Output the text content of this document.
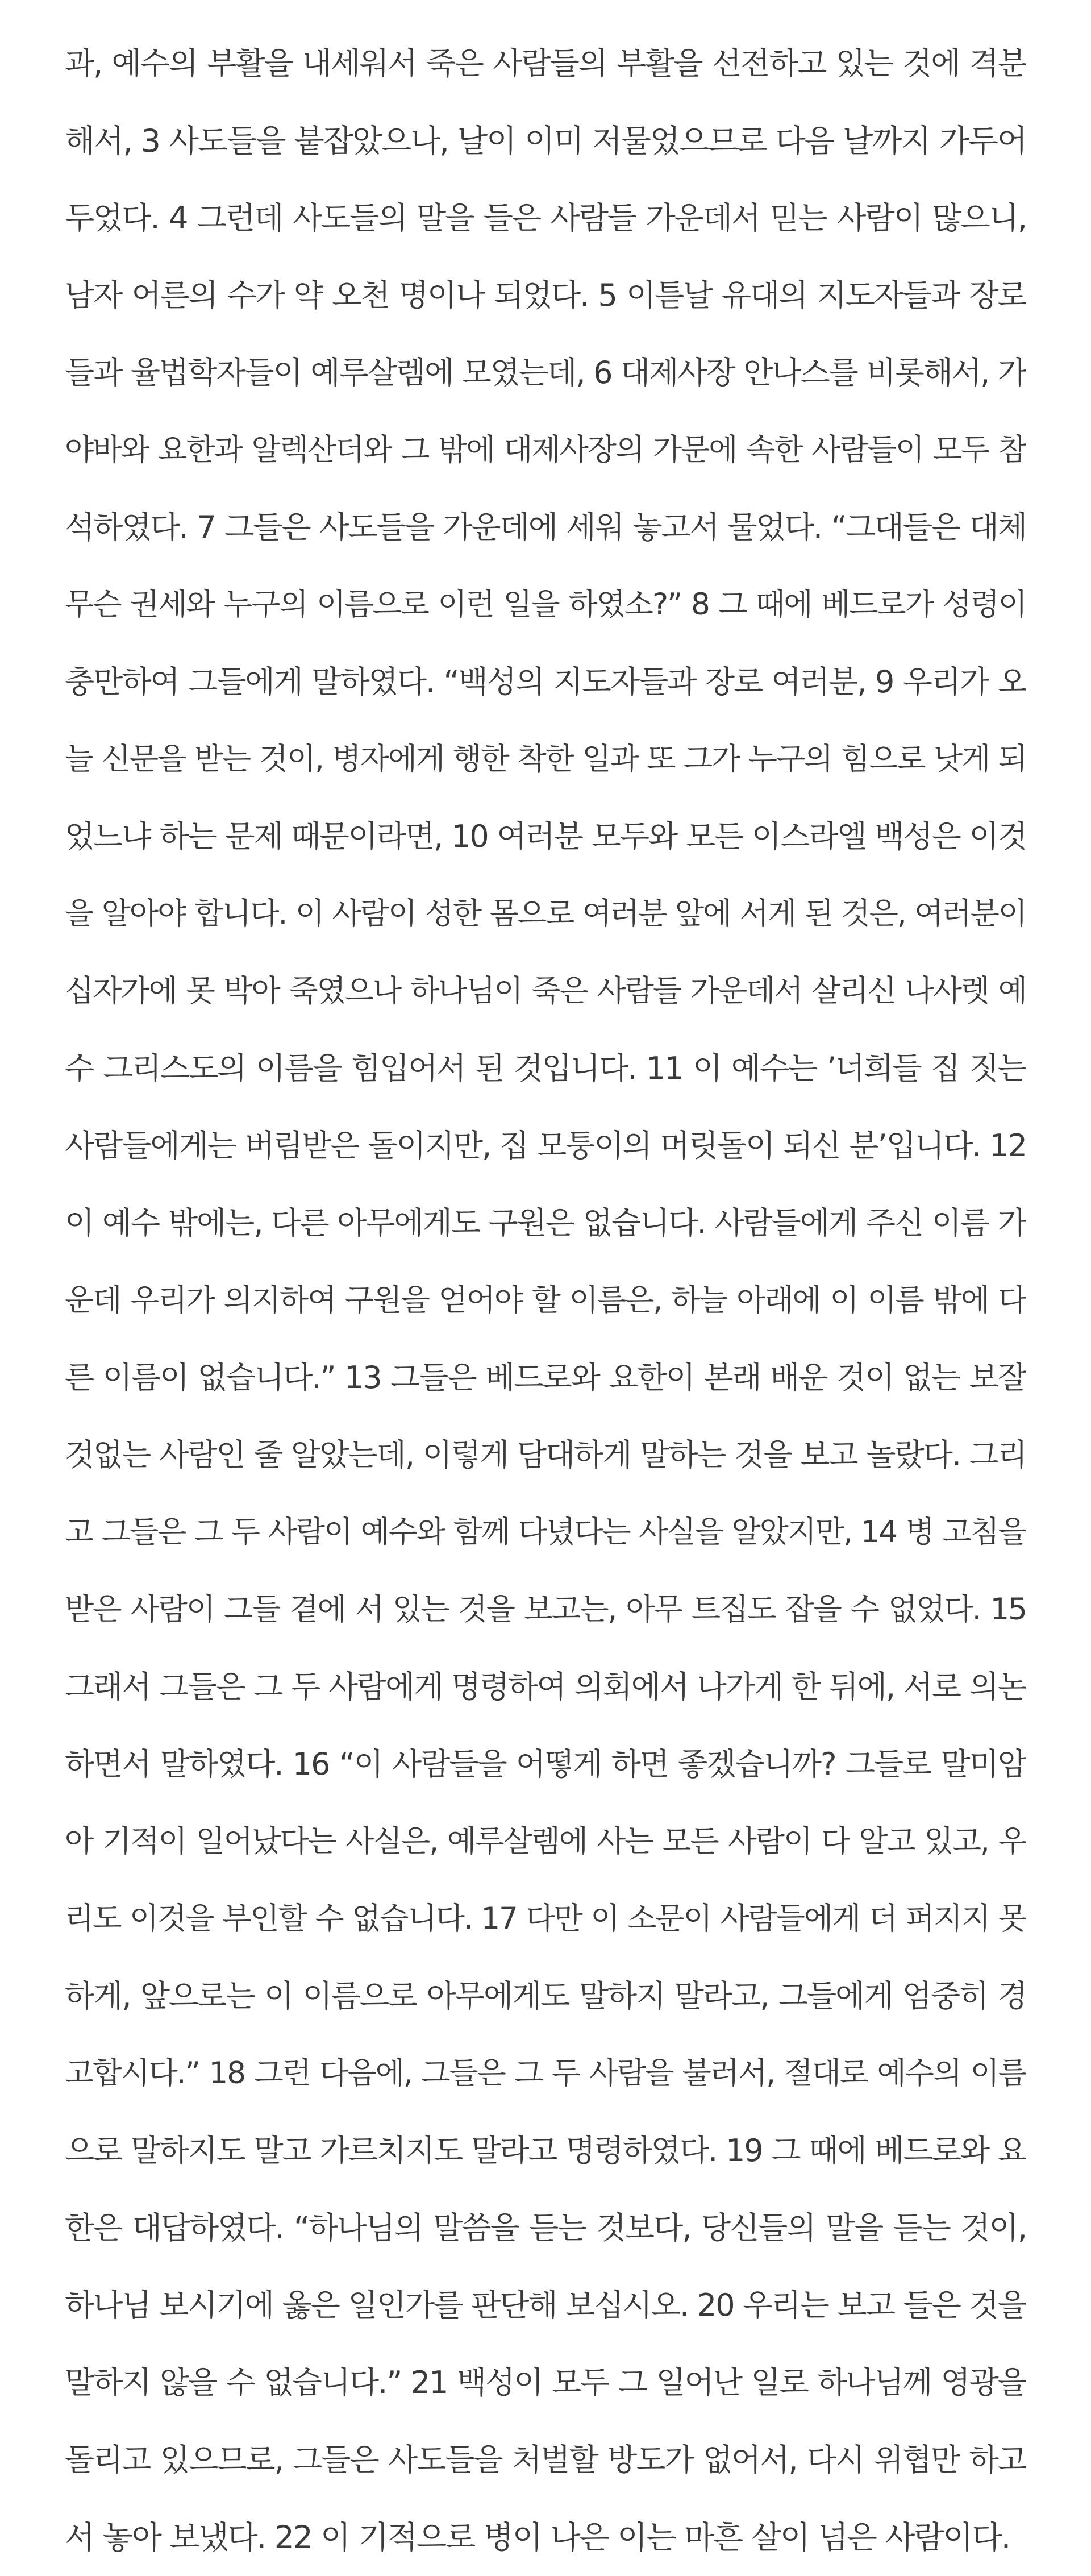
과, 예수의 부활을 내세워서 죽은 사람들의 부활을 선전하고 있는 것에 격분
해서, 3 사도들을 붙잡았으나, 날이 이미 저물었으므로 다음 날까지 가두어
두었다. 4 그런데 사도들의 말을 들은 사람들 가운데서 믿는 사람이 많으니,
남자 어른의 수가 약 오천 명이나 되었다. 5 이튿날 유대의 지도자들과 장로
들과 율법학자들이 예루살렘에 모였는데, 6 대제사장 안나스를 비롯해서, 가
야바와 요한과 알렉산더와 그 밖에 대제사장의 가문에 속한 사람들이 모두 참
석하였다. 7 그들은 사도들을 가운데에 세워 놓고서 물었다. “그대들은 대체
무슨 권세와 누구의 이름으로 이런 일을 하였소?” 8 그 때에 베드로가 성령이
충만하여 그들에게 말하였다. “백성의 지도자들과 장로 여러분, 9 우리가 오
늘 신문을 받는 것이, 병자에게 행한 착한 일과 또 그가 누구의 힘으로 낫게 되
었느냐 하는 문제 때문이라면, 10 여러분 모두와 모든 이스라엘 백성은 이것
을 알아야 합니다. 이 사람이 성한 몸으로 여러분 앞에 서게 된 것은, 여러분이
십자가에 못 박아 죽였으나 하나님이 죽은 사람들 가운데서 살리신 나사렛 예
수 그리스도의 이름을 힘입어서 된 것입니다. 11 이 예수는 ’너희들 집 짓는
사람들에게는 버림받은 돌이지만, 집 모퉁이의 머릿돌이 되신 분’입니다. 12
이 예수 밖에는, 다른 아무에게도 구원은 없습니다. 사람들에게 주신 이름 가
운데 우리가 의지하여 구원을 얻어야 할 이름은, 하늘 아래에 이 이름 밖에 다
른 이름이 없습니다.” 13 그들은 베드로와 요한이 본래 배운 것이 없는 보잘
것없는 사람인 줄 알았는데, 이렇게 담대하게 말하는 것을 보고 놀랐다. 그리
고 그들은 그 두 사람이 예수와 함께 다녔다는 사실을 알았지만, 14 병 고침을
받은 사람이 그들 곁에 서 있는 것을 보고는, 아무 트집도 잡을 수 없었다. 15
그래서 그들은 그 두 사람에게 명령하여 의회에서 나가게 한 뒤에, 서로 의논
하면서 말하였다. 16 “이 사람들을 어떻게 하면 좋겠습니까? 그들로 말미암
아 기적이 일어났다는 사실은, 예루살렘에 사는 모든 사람이 다 알고 있고, 우
리도 이것을 부인할 수 없습니다. 17 다만 이 소문이 사람들에게 더 퍼지지 못
하게, 앞으로는 이 이름으로 아무에게도 말하지 말라고, 그들에게 엄중히 경
고합시다.” 18 그런 다음에, 그들은 그 두 사람을 불러서, 절대로 예수의 이름
으로 말하지도 말고 가르치지도 말라고 명령하였다. 19 그 때에 베드로와 요
한은 대답하였다. “하나님의 말씀을 듣는 것보다, 당신들의 말을 듣는 것이,
하나님 보시기에 옳은 일인가를 판단해 보십시오. 20 우리는 보고 들은 것을
말하지 않을 수 없습니다.” 21 백성이 모두 그 일어난 일로 하나님께 영광을
돌리고 있으므로, 그들은 사도들을 처벌할 방도가 없어서, 다시 위협만 하고
서 놓아 보냈다. 22 이 기적으로 병이 나은 이는 마흔 살이 넘은 사람이다.
